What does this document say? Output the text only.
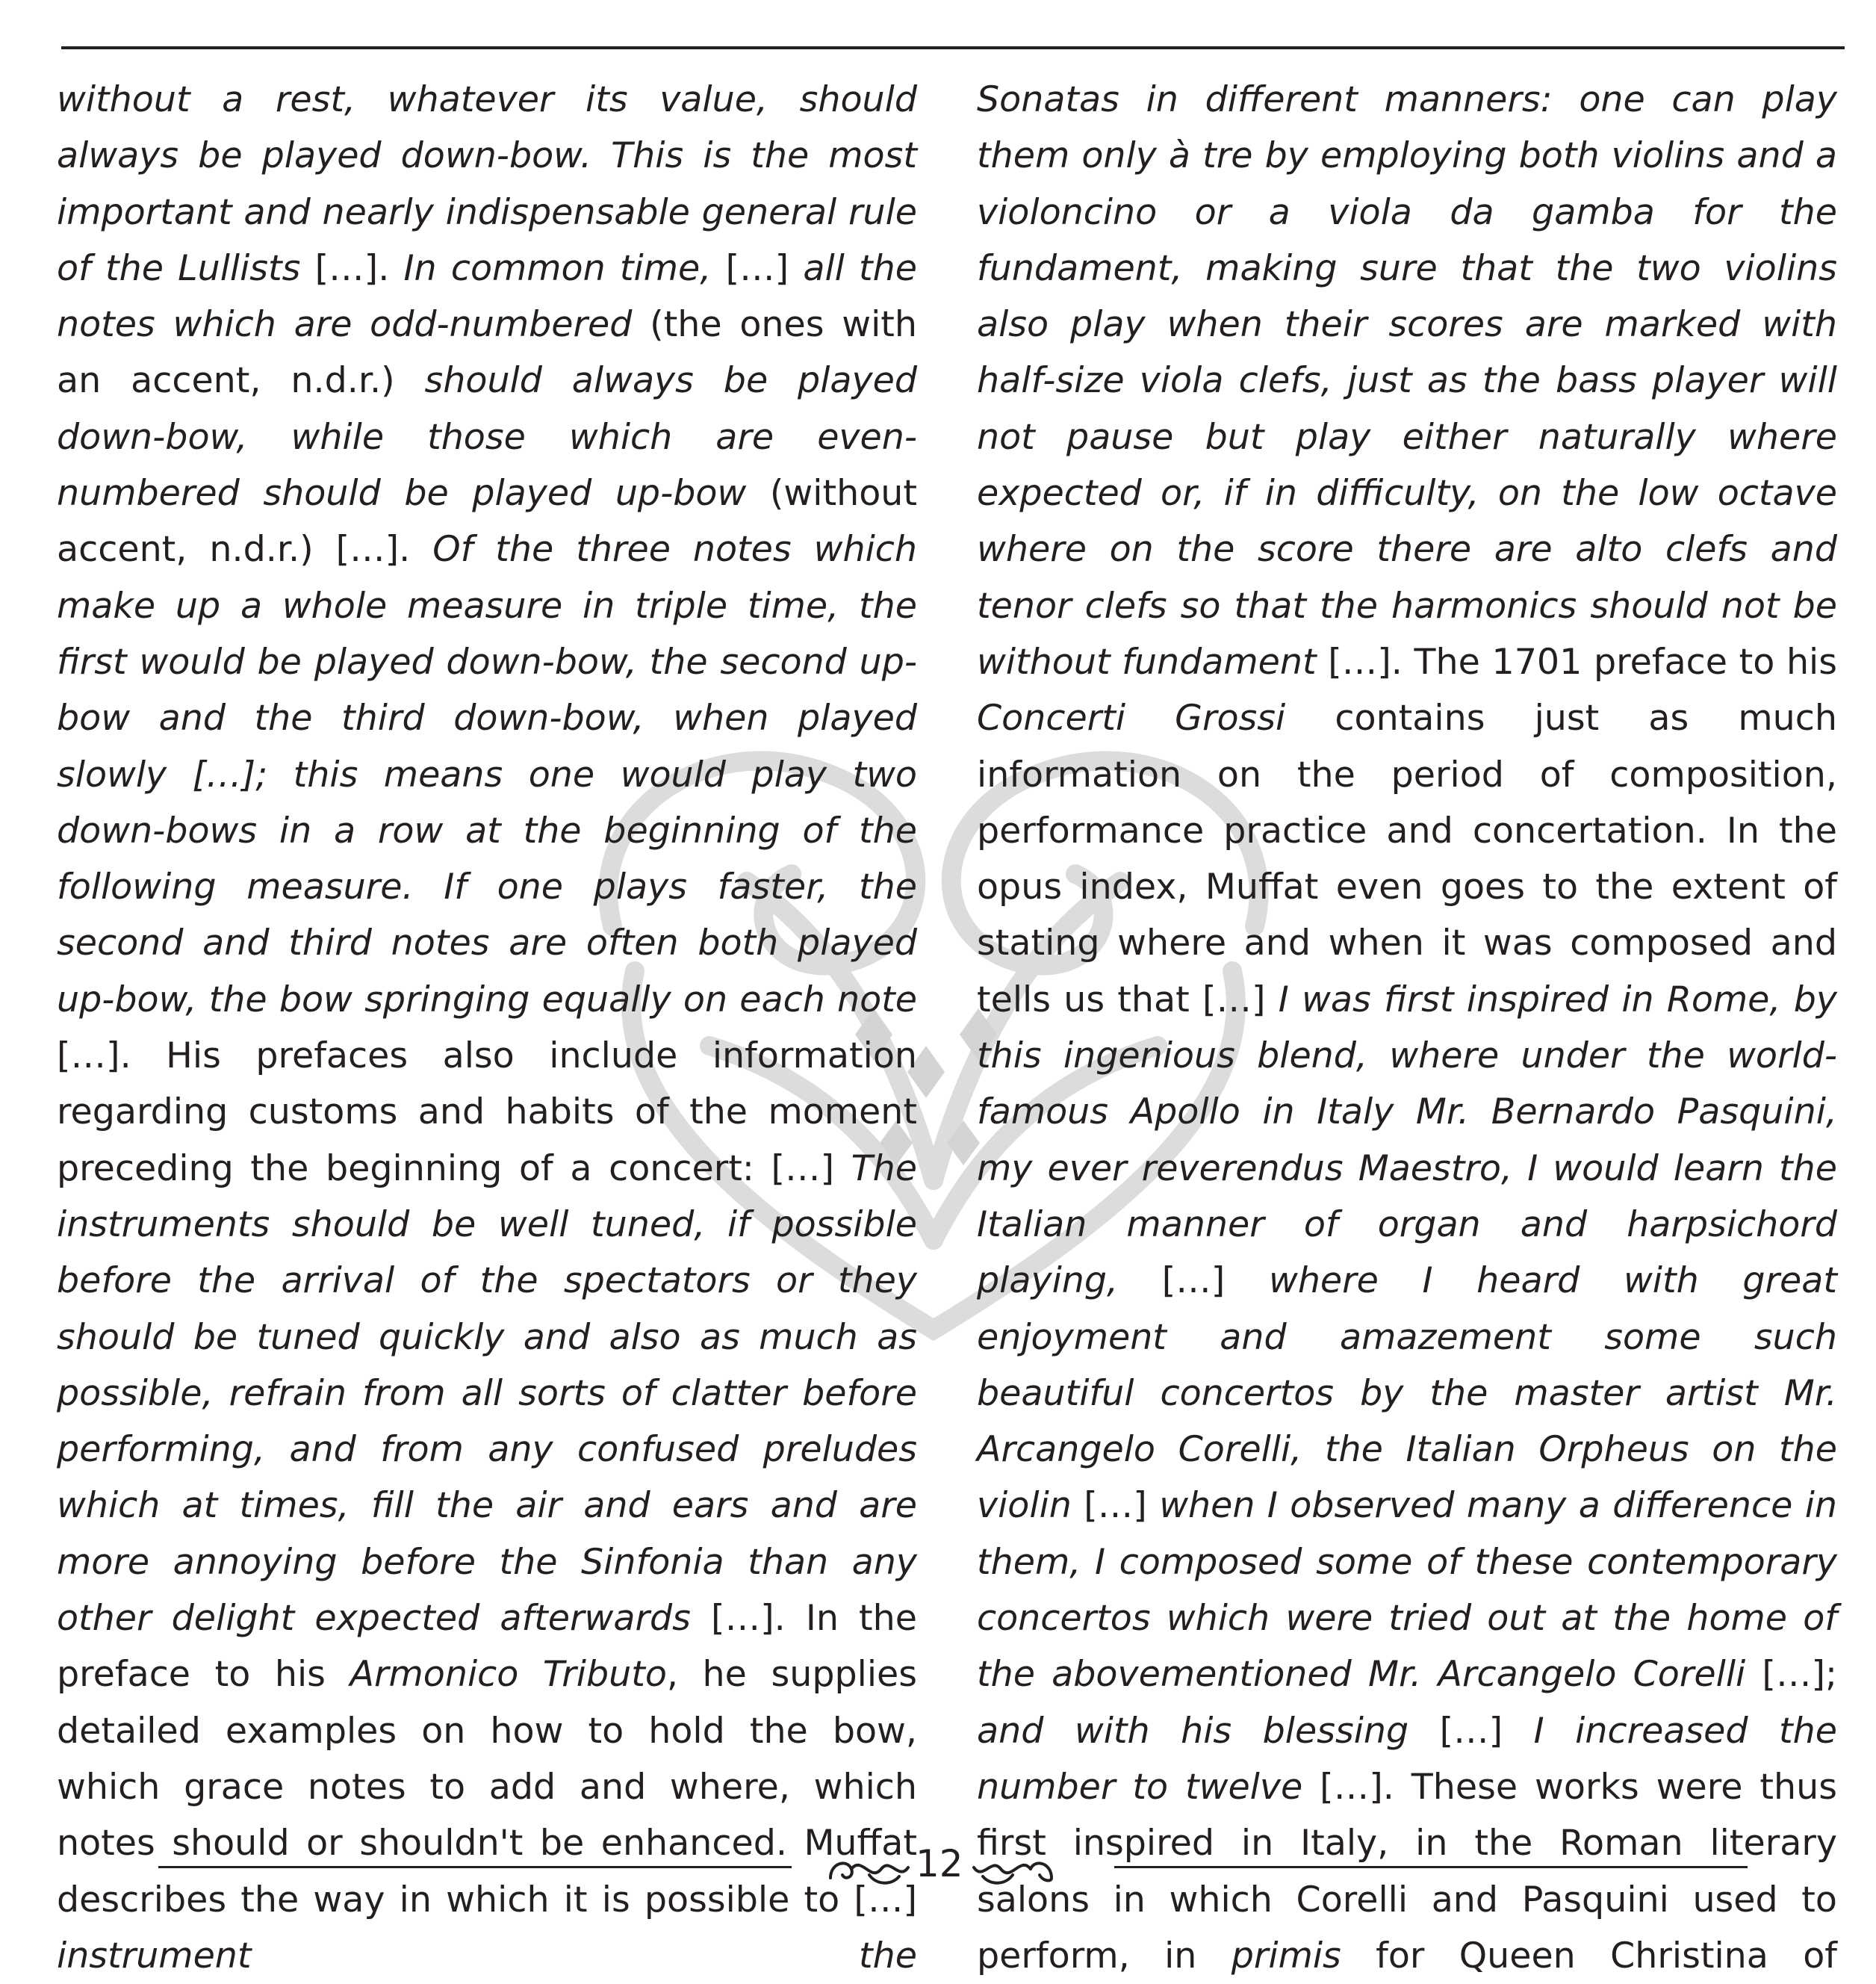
without a rest, whatever its value, should always be played down-bow. This is the most important and nearly indispensable general rule of the Lullists […]. In common time, […] all the notes which are odd-numbered (the ones with an accent, n.d.r.) should always be played down-bow, while those which are even-numbered should be played up-bow (without accent, n.d.r.) […]. Of the three notes which make up a whole measure in triple time, the first would be played down-bow, the second up-bow and the third down-bow, when played slowly […]; this means one would play two down-bows in a row at the beginning of the following measure. If one plays faster, the second and third notes are often both played up-bow, the bow springing equally on each note […]. His prefaces also include information regarding customs and habits of the moment preceding the beginning of a concert: […] The instruments should be well tuned, if possible before the arrival of the spectators or they should be tuned quickly and also as much as possible, refrain from all sorts of clatter before performing, and from any confused preludes which at times, fill the air and ears and are more annoying before the Sinfonia than any other delight expected afterwards […]. In the preface to his Armonico Tributo, he supplies detailed examples on how to hold the bow, which grace notes to add and where, which notes should or shouldn't be enhanced. Muffat describes the way in which it is possible to […] instrument the

Sonatas in different manners: one can play them only à tre by employing both violins and a violoncino or a viola da gamba for the fundament, making sure that the two violins also play when their scores are marked with half-size viola clefs, just as the bass player will not pause but play either naturally where expected or, if in difficulty, on the low octave where on the score there are alto clefs and tenor clefs so that the harmonics should not be without fundament […]. The 1701 preface to his Concerti Grossi contains just as much information on the period of composition, performance practice and concertation. In the opus index, Muffat even goes to the extent of stating where and when it was composed and tells us that […] I was first inspired in Rome, by this ingenious blend, where under the world-famous Apollo in Italy Mr. Bernardo Pasquini, my ever reverendus Maestro, I would learn the Italian manner of organ and harpsichord playing, […] where I heard with great enjoyment and amazement some such beautiful concertos by the master artist Mr. Arcangelo Corelli, the Italian Orpheus on the violin […] when I observed many a difference in them, I composed some of these contemporary concertos which were tried out at the home of the abovementioned Mr. Arcangelo Corelli […]; and with his blessing […] I increased the number to twelve […]. These works were thus first inspired in Italy, in the Roman literary salons in which Corelli and Pasquini used to perform, in primis for Queen Christina of

12
